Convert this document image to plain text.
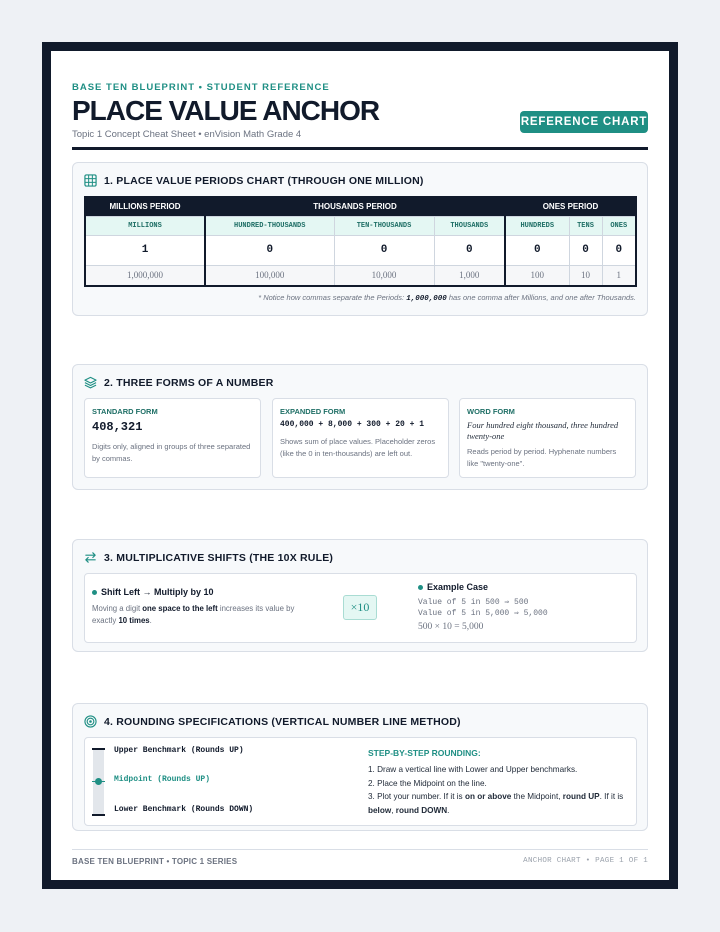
BASE TEN BLUEPRINT • STUDENT REFERENCE
PLACE VALUE ANCHOR
Topic 1 Concept Cheat Sheet • enVision Math Grade 4
REFERENCE CHART
1. PLACE VALUE PERIODS CHART (THROUGH ONE MILLION)
MILLIONS PERIOD	THOUSANDS PERIOD			ONES PERIOD		
MILLIONS	HUNDRED-THOUSANDS	TEN-THOUSANDS	THOUSANDS	HUNDREDS	TENS	ONES
1	0	0	0	0	0	0
1,000,000	100,000	10,000	1,000	100	10	1
* Notice how commas separate the Periods: 1,000,000 has one comma after Millions, and one after Thousands.
2. THREE FORMS OF A NUMBER
STANDARD FORM
408,321
Digits only, aligned in groups of three separated by commas.
EXPANDED FORM
400,000 + 8,000 + 300 + 20 + 1
Shows sum of place values. Placeholder zeros (like the 0 in ten-thousands) are left out.
WORD FORM
Four hundred eight thousand, three hundred twenty-one
Reads period by period. Hyphenate numbers like "twenty-one".
3. MULTIPLICATIVE SHIFTS (THE 10X RULE)
Shift Left → Multiply by 10
Moving a digit one space to the left increases its value by exactly 10 times.
×10
Example Case
Value of 5 in 500 ⇒ 500
Value of 5 in 5,000 ⇒ 5,000
500 × 10 = 5,000
4. ROUNDING SPECIFICATIONS (VERTICAL NUMBER LINE METHOD)
Upper Benchmark (Rounds UP)
Midpoint (Rounds UP)
Lower Benchmark (Rounds DOWN)
STEP-BY-STEP ROUNDING:
1. Draw a vertical line with Lower and Upper benchmarks.
2. Place the Midpoint on the line.
3. Plot your number. If it is on or above the Midpoint, round UP. If it is below, round DOWN.
BASE TEN BLUEPRINT • TOPIC 1 SERIES	ANCHOR CHART • PAGE 1 OF 1
